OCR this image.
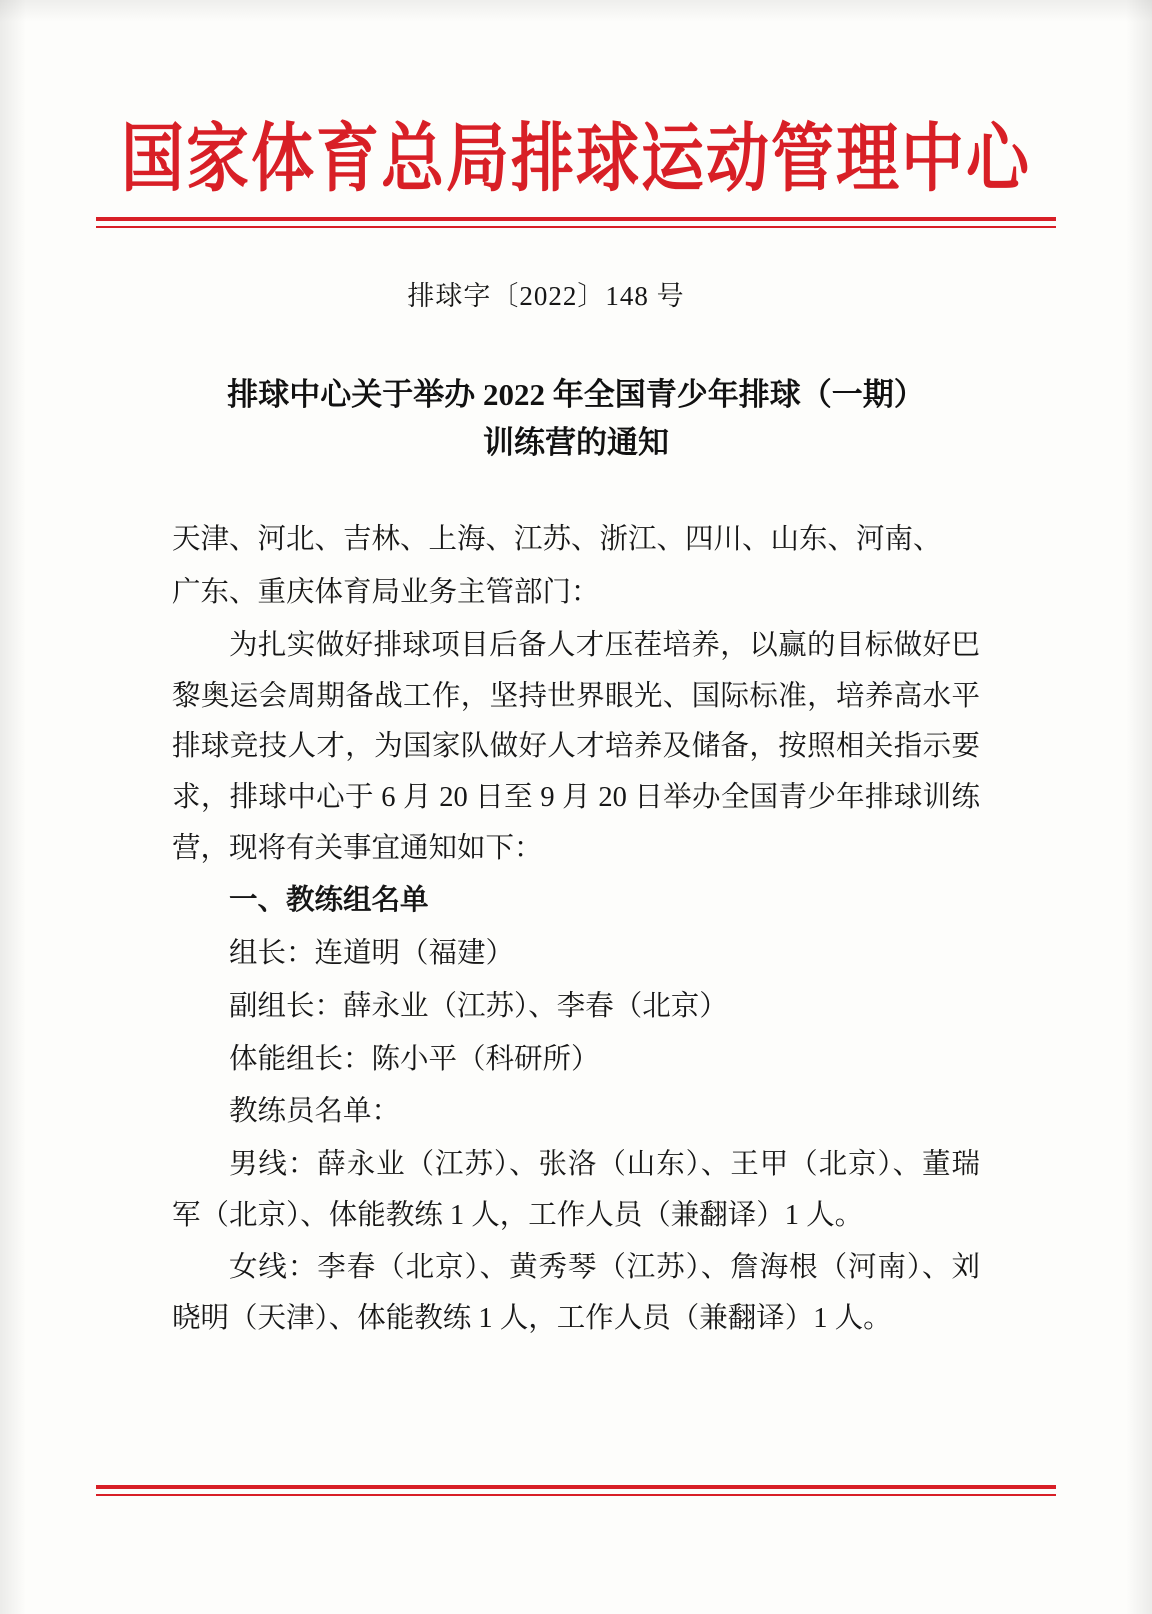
国家体育总局排球运动管理中心
排球字〔2022〕148 号
排球中心关于举办 2022 年全国青少年排球（一期）
训练营的通知

天津、河北、吉林、上海、江苏、浙江、四川、山东、河南、

广东、重庆体育局业务主管部门：

为扎实做好排球项目后备人才压茬培养，以赢的目标做好巴黎奥运会周期备战工作，坚持世界眼光、国际标准，培养高水平排球竞技人才，为国家队做好人才培养及储备，按照相关指示要求，排球中心于 6 月 20 日至 9 月 20 日举办全国青少年排球训练营，现将有关事宜通知如下：

一、教练组名单

组长：连道明（福建）

副组长：薛永业（江苏）、李春（北京）

体能组长：陈小平（科研所）

教练员名单：

男线：薛永业（江苏）、张洛（山东）、王甲（北京）、董瑞军（北京）、体能教练 1 人，工作人员（兼翻译）1 人。

女线：李春（北京）、黄秀琴（江苏）、詹海根（河南）、刘晓明（天津）、体能教练 1 人，工作人员（兼翻译）1 人。
